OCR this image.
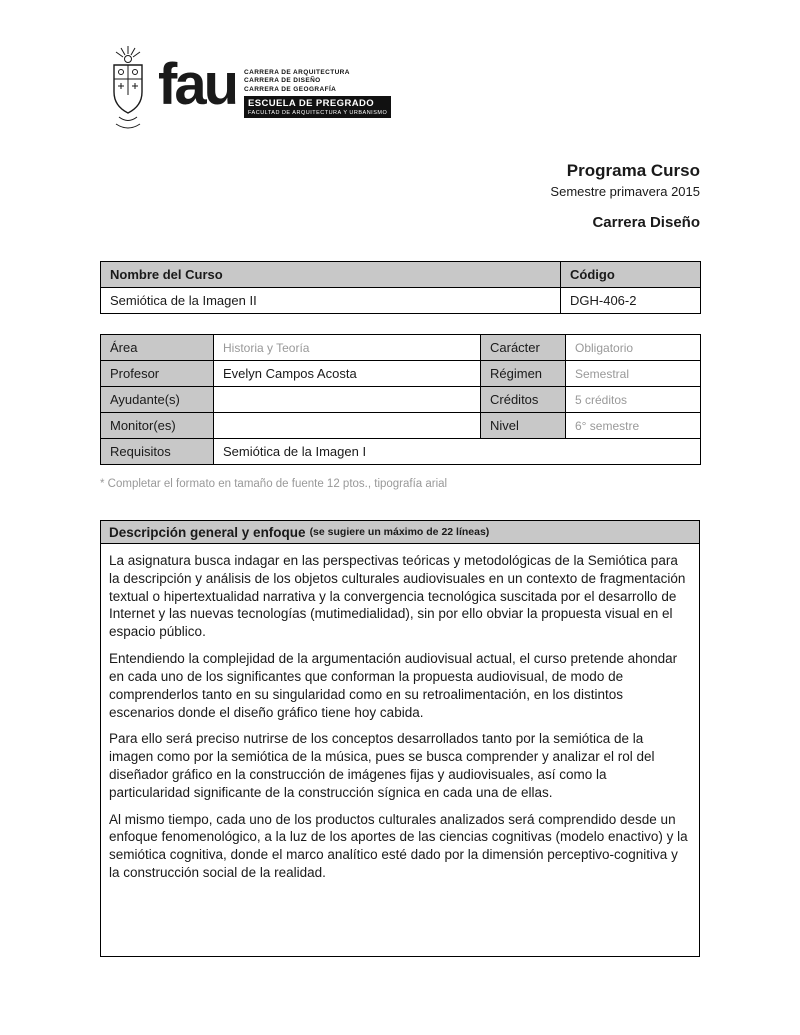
fau CARRERA DE ARQUITECTURA
CARRERA DE DISEÑO
CARRERA DE GEOGRAFÍA
ESCUELA DE PREGRADO
FACULTAD DE ARQUITECTURA Y URBANISMO
Programa Curso
Semestre primavera 2015
Carrera Diseño
Nombre del Curso	Código
Semiótica de la Imagen II	DGH-406-2
Área	Historia y Teoría	Carácter	Obligatorio
Profesor	Evelyn Campos Acosta	Régimen	Semestral
Ayudante(s)		Créditos	5 créditos
Monitor(es)		Nivel	6° semestre
Requisitos	Semiótica de la Imagen I		

* Completar el formato en tamaño de fuente 12 ptos., tipografía arial

Descripción general y enfoque (se sugiere un máximo de 22 líneas)

La asignatura busca indagar en las perspectivas teóricas y metodológicas de la Semiótica para la descripción y análisis de los objetos culturales audiovisuales en un contexto de fragmentación textual o hipertextualidad narrativa y la convergencia tecnológica suscitada por el desarrollo de Internet y las nuevas tecnologías (mutimedialidad), sin por ello obviar la propuesta visual en el espacio público.

Entendiendo la complejidad de la argumentación audiovisual actual, el curso pretende ahondar en cada uno de los significantes que conforman la propuesta audiovisual, de modo de comprenderlos tanto en su singularidad como en su retroalimentación, en los distintos escenarios donde el diseño gráfico tiene hoy cabida.

Para ello será preciso nutrirse de los conceptos desarrollados tanto por la semiótica de la imagen como por la semiótica de la música, pues se busca comprender y analizar el rol del diseñador gráfico en la construcción de imágenes fijas y audiovisuales, así como la particularidad significante de la construcción sígnica en cada una de ellas.

Al mismo tiempo, cada uno de los productos culturales analizados será comprendido desde un enfoque fenomenológico, a la luz de los aportes de las ciencias cognitivas (modelo enactivo) y la semiótica cognitiva, donde el marco analítico esté dado por la dimensión perceptivo-cognitiva y la construcción social de la realidad.
